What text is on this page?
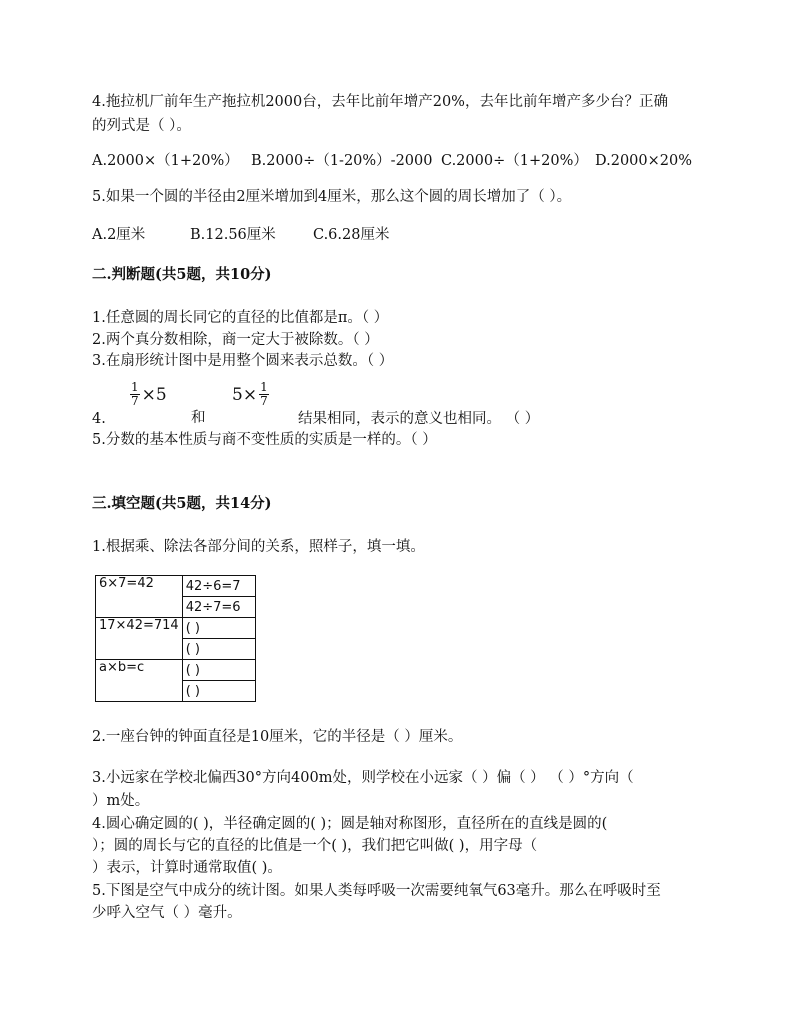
4.拖拉机厂前年生产拖拉机2000台，去年比前年增产20%，去年比前年增产多少台？正确
的列式是（ ）。
A.2000×（1+20%） B.2000÷（1-20%）-2000 C.2000÷（1+20%） D.2000×20%
5.如果一个圆的半径由2厘米增加到4厘米，那么这个圆的周长增加了（ ）。
A.2厘米	B.12.56厘米	C.6.28厘米
二.判断题(共5题，共10分)
1.任意圆的周长同它的直径的比值都是π。（ ）
2.两个真分数相除，商一定大于被除数。（ ）
3.在扇形统计图中是用整个圆来表示总数。（ ）
$\frac{1}{7} \times 5$	$5 \times \frac{1}{7}$
4.	和	结果相同，表示的意义也相同。 （ ）
5.分数的基本性质与商不变性质的实质是一样的。（ ）
三.填空题(共5题，共14分)
1.根据乘、除法各部分间的关系，照样子，填一填。
6×7=42	42÷6=7
	42÷7=6
17×42=714	( )
	( )
a×b=c	( )
	( )
2.一座台钟的钟面直径是10厘米，它的半径是（ ）厘米。
3.小远家在学校北偏西30°方向400m处，则学校在小远家（ ）偏（ ） （ ）°方向（
）m处。
4.圆心确定圆的( )，半径确定圆的( )；圆是轴对称图形，直径所在的直线是圆的(
）；圆的周长与它的直径的比值是一个( )，我们把它叫做( )，用字母（
）表示，计算时通常取值( )。
5.下图是空气中成分的统计图。如果人类每呼吸一次需要纯氧气63毫升。那么在呼吸时至
少呼入空气（ ）毫升。
